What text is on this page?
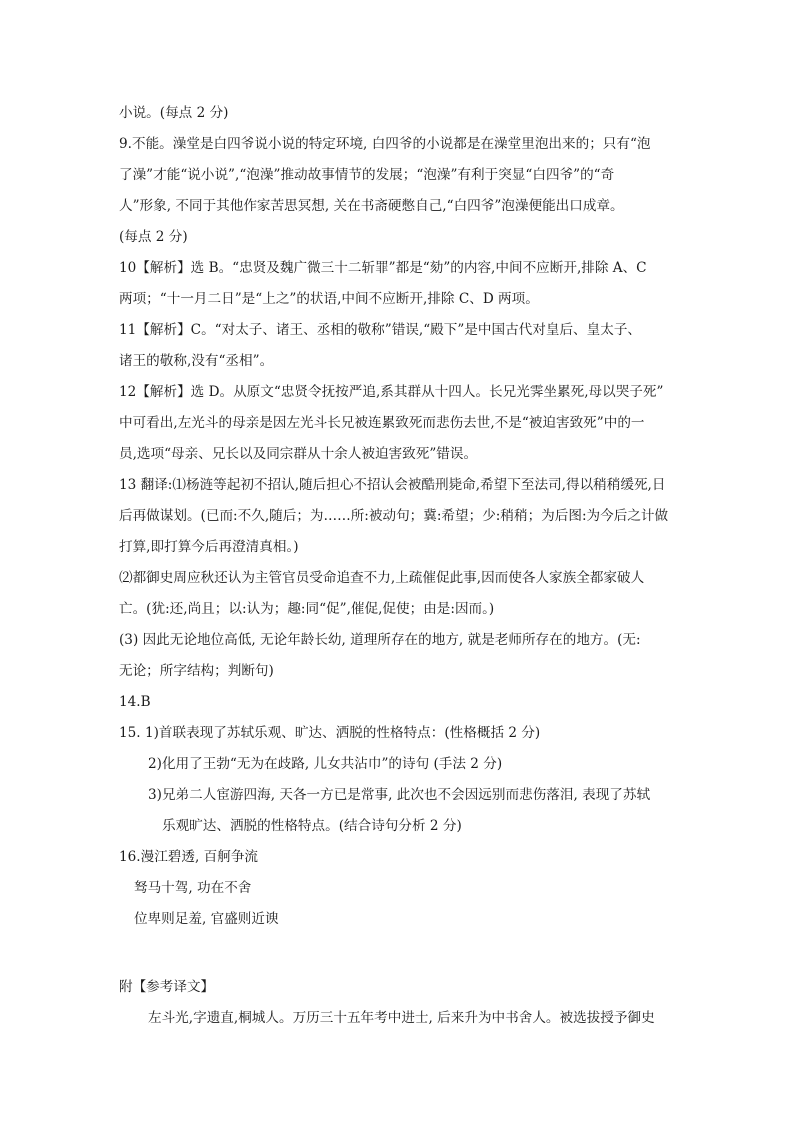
小说。(每点 2 分)
9.不能。澡堂是白四爷说小说的特定环境, 白四爷的小说都是在澡堂里泡出来的；只有“泡
了澡”才能“说小说”,“泡澡”推动故事情节的发展；“泡澡”有利于突显“白四爷”的“奇
人”形象, 不同于其他作家苦思冥想, 关在书斋硬憋自己,“白四爷”泡澡便能出口成章。
(每点 2 分)
10【解析】选 B。“忠贤及魏广微三十二斩罪”都是“劾”的内容,中间不应断开,排除 A、C
两项；“十一月二日”是“上之”的状语,中间不应断开,排除 C、D 两项。
11【解析】C。“对太子、诸王、丞相的敬称”错误,“殿下”是中国古代对皇后、皇太子、
诸王的敬称,没有“丞相”。
12【解析】选 D。从原文“忠贤令抚按严追,系其群从十四人。长兄光霁坐累死,母以哭子死”
中可看出,左光斗的母亲是因左光斗长兄被连累致死而悲伤去世,不是“被迫害致死”中的一
员,选项“母亲、兄长以及同宗群从十余人被迫害致死”错误。
13 翻译:⑴杨涟等起初不招认,随后担心不招认会被酷刑毙命,希望下至法司,得以稍稍缓死,日
后再做谋划。(已而:不久,随后；为……所:被动句；冀:希望；少:稍稍；为后图:为今后之计做
打算,即打算今后再澄清真相。)
⑵都御史周应秋还认为主管官员受命追查不力,上疏催促此事,因而使各人家族全都家破人
亡。(犹:还,尚且；以:认为；趣:同“促”,催促,促使；由是:因而。)
(3) 因此无论地位高低, 无论年龄长幼, 道理所存在的地方, 就是老师所存在的地方。(无:
无论；所字结构；判断句)
14.B
15. 1)首联表现了苏轼乐观、旷达、洒脱的性格特点：(性格概括 2 分)
2)化用了王勃“无为在歧路, 儿女共沾巾”的诗句 (手法 2 分)
3)兄弟二人宦游四海, 天各一方已是常事, 此次也不会因远别而悲伤落泪, 表现了苏轼
乐观旷达、洒脱的性格特点。(结合诗句分析 2 分)
16.漫江碧透, 百舸争流
驽马十驾, 功在不舍
位卑则足羞, 官盛则近谀
附【参考译文】
左斗光,字遗直,桐城人。万历三十五年考中进士, 后来升为中书舍人。被选拔授予御史
